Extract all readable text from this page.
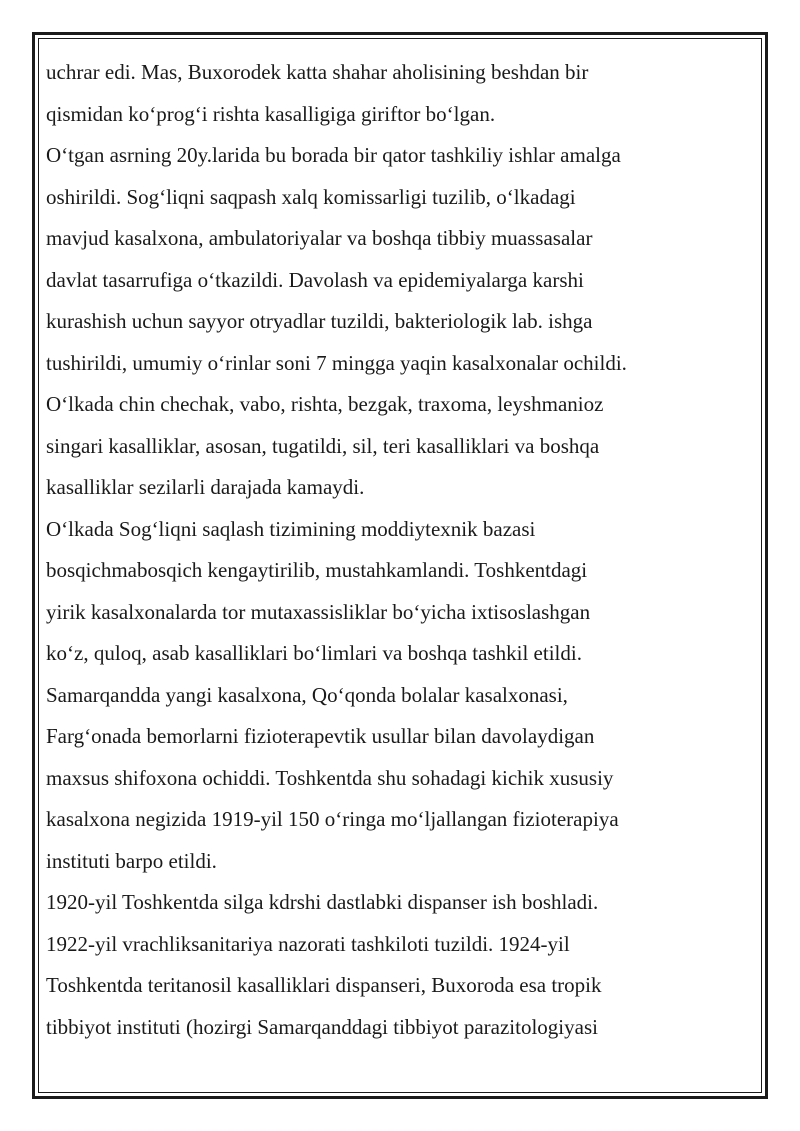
uchrar edi. Mas, Buxorodek katta shahar aholisining beshdan bir
qismidan ko‘prog‘i rishta kasalligiga giriftor bo‘lgan.
O‘tgan asrning 20y.larida bu borada bir qator tashkiliy ishlar amalga
oshirildi. Sog‘liqni saqpash xalq komissarligi tuzilib, o‘lkadagi
mavjud kasalxona, ambulatoriyalar va boshqa tibbiy muassasalar
davlat tasarrufiga o‘tkazildi. Davolash va epidemiyalarga karshi
kurashish uchun sayyor otryadlar tuzildi, bakteriologik lab. ishga
tushirildi, umumiy o‘rinlar soni 7 mingga yaqin kasalxonalar ochildi.
O‘lkada chin chechak, vabo, rishta, bezgak, traxoma, leyshmanioz
singari kasalliklar, asosan, tugatildi, sil, teri kasalliklari va boshqa
kasalliklar sezilarli darajada kamaydi.
O‘lkada Sog‘liqni saqlash tizimining moddiytexnik bazasi
bosqichmabosqich kengaytirilib, mustahkamlandi. Toshkentdagi
yirik kasalxonalarda tor mutaxassisliklar bo‘yicha ixtisoslashgan
ko‘z, quloq, asab kasalliklari bo‘limlari va boshqa tashkil etildi.
Samarqandda yangi kasalxona, Qo‘qonda bolalar kasalxonasi,
Farg‘onada bemorlarni fizioterapevtik usullar bilan davolaydigan
maxsus shifoxona ochiddi. Toshkentda shu sohadagi kichik xususiy
kasalxona negizida 1919-yil 150 o‘ringa mo‘ljallangan fizioterapiya
instituti barpo etildi.
1920-yil Toshkentda silga kdrshi dastlabki dispanser ish boshladi.
1922-yil vrachliksanitariya nazorati tashkiloti tuzildi. 1924-yil
Toshkentda teritanosil kasalliklari dispanseri, Buxoroda esa tropik
tibbiyot instituti (hozirgi Samarqanddagi tibbiyot parazitologiyasi
